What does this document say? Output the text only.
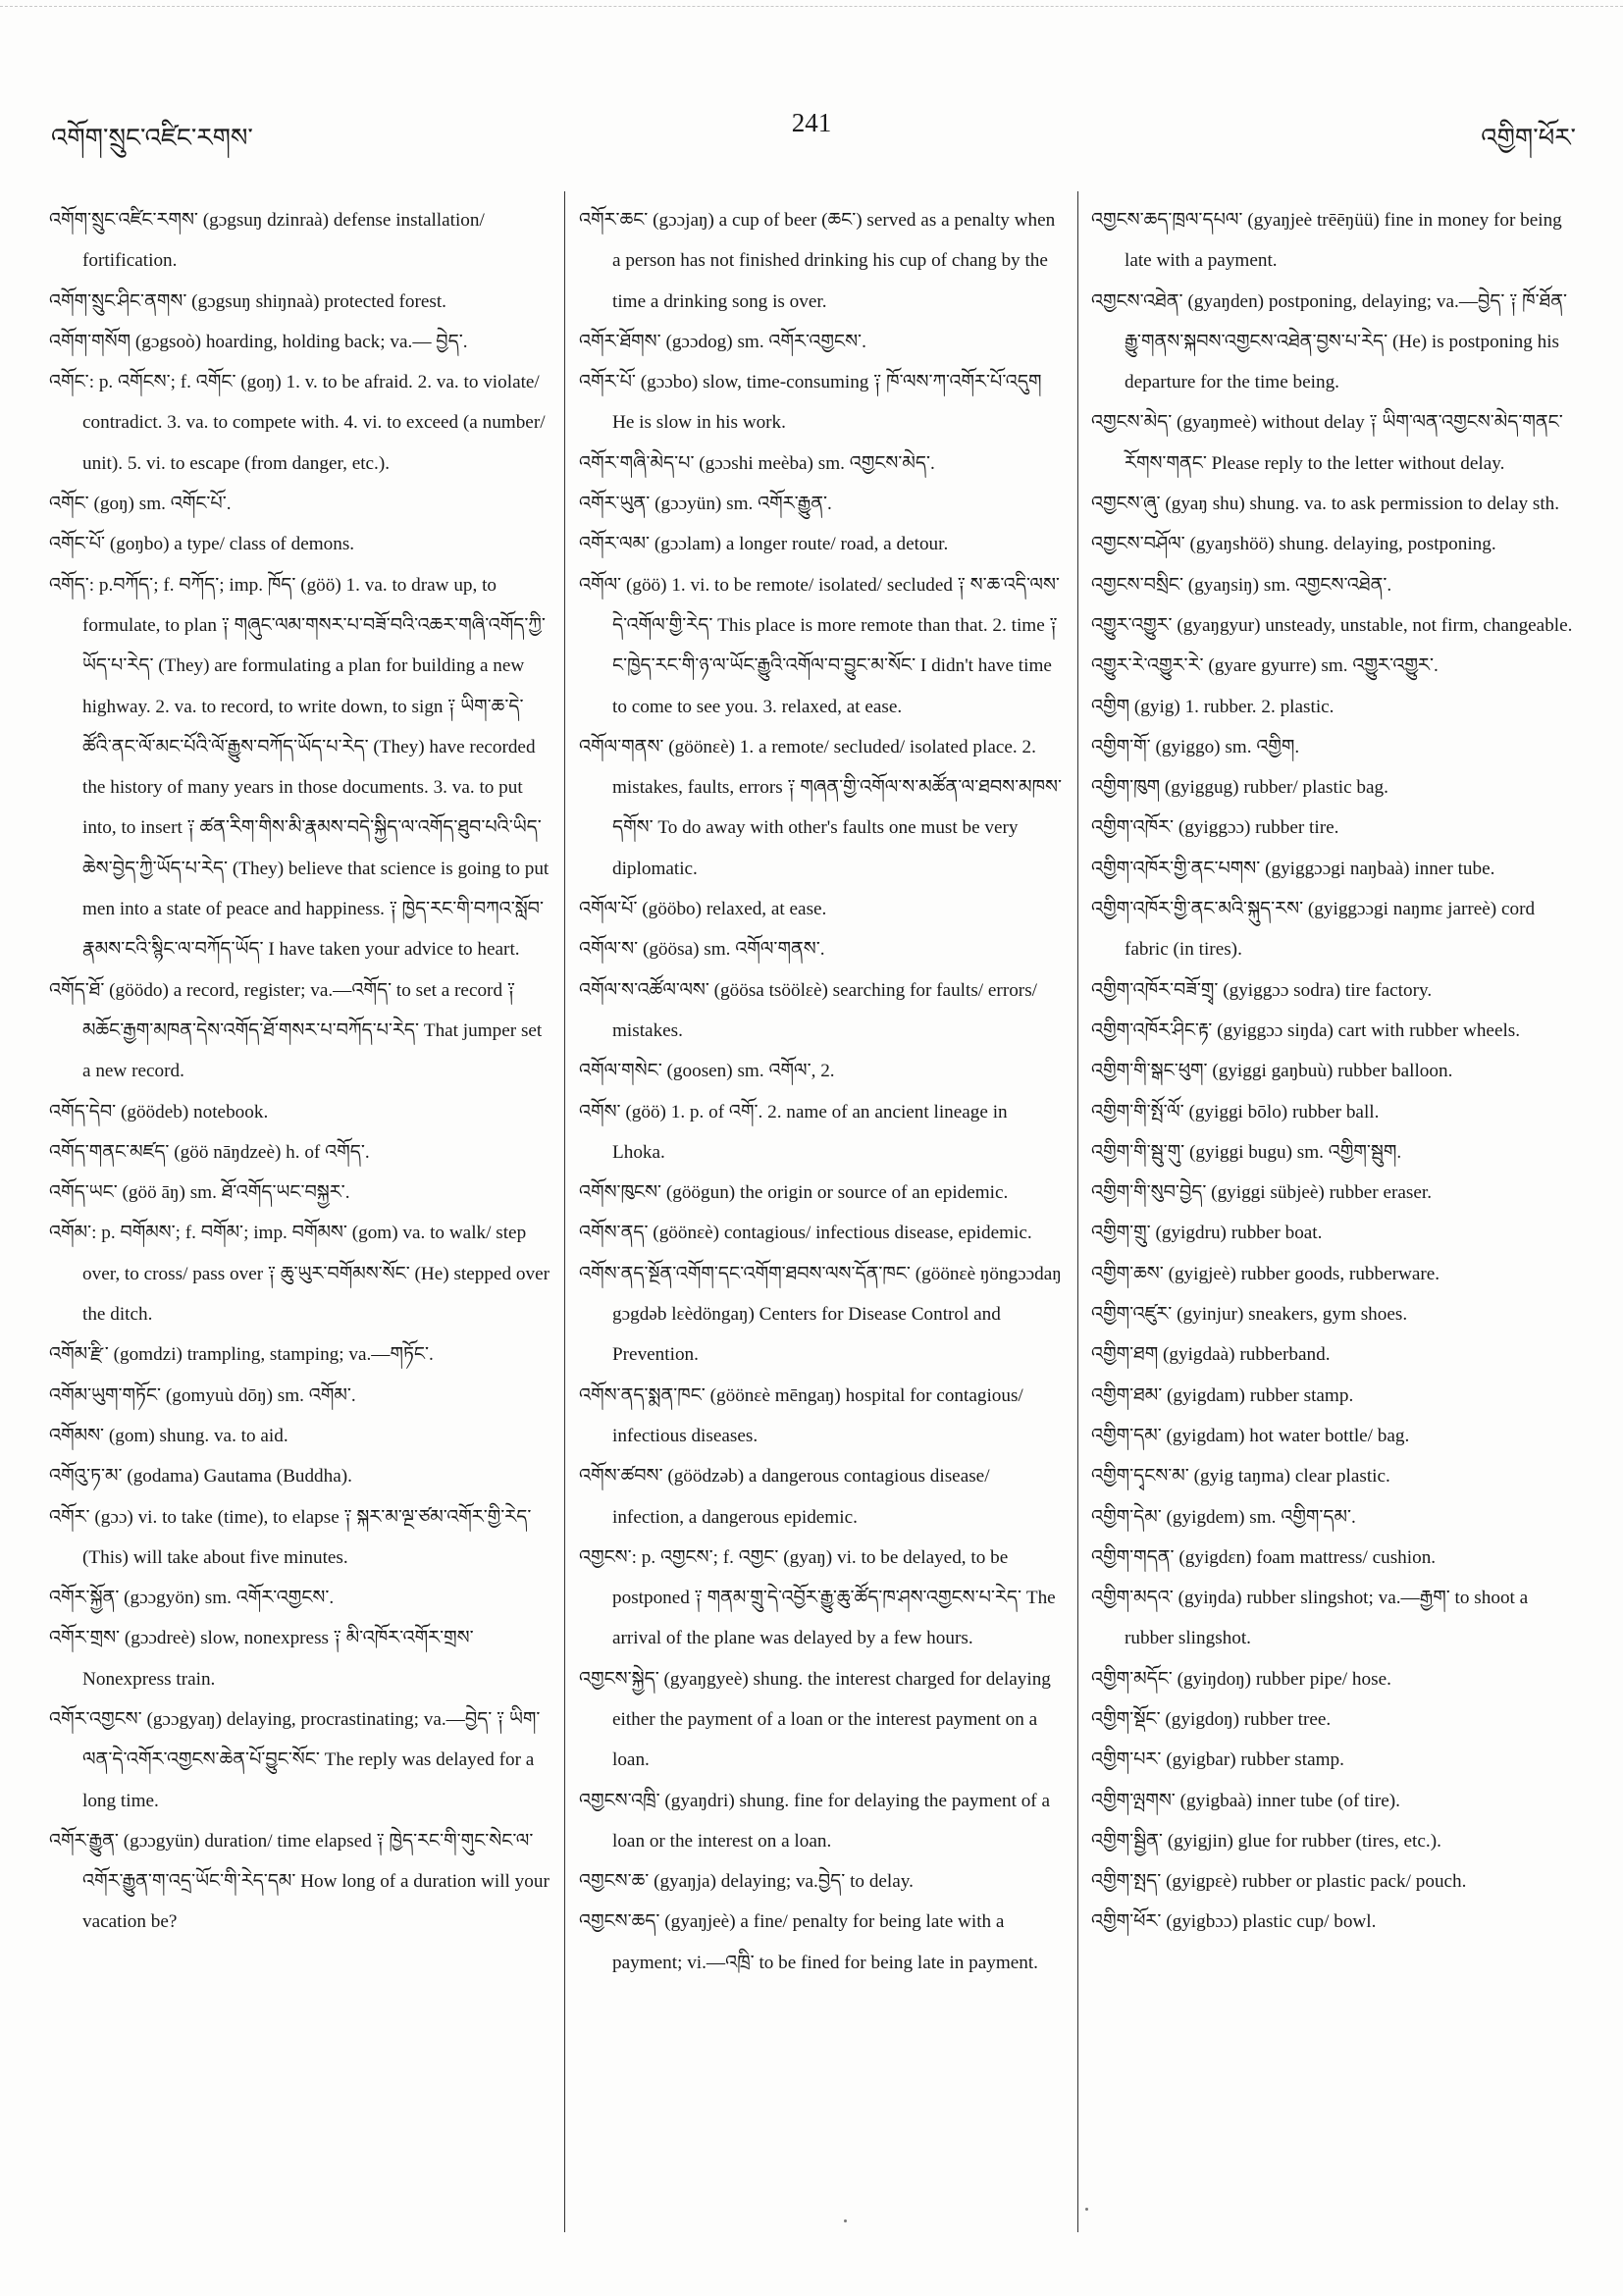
འགོག་སྲུང་འཛིང་རགས་
241
འགྱིག་ཕོར་

འགོག་སྲུང་འཛིང་རགས་ (gɔgsuŋ dzinraà) defense installation/ fortification.

འགོག་སྲུང་ཤིང་ནགས་ (gɔgsuŋ shiŋnaà) protected forest.

འགོག་གསོག (gɔgsoò) hoarding, holding back; va.— བྱེད་.

འགོང་: p. འགོངས་; f. འགོང་ (goŋ) 1. v. to be afraid. 2. va. to violate/ contradict. 3. va. to compete with. 4. vi. to exceed (a number/ unit). 5. vi. to escape (from danger, etc.).

འགོང་ (goŋ) sm. འགོང་པོ་.

འགོང་པོ་ (goŋbo) a type/ class of demons.

འགོད་: p.བཀོད་; f. བཀོད་; imp. ཁོད་ (göö) 1. va. to draw up, to formulate, to plan ༑ གཞུང་ལམ་གསར་པ་བཟོ་བའི་འཆར་གཞི་འགོད་ཀྱི་ཡོད་པ་རེད་ (They) are formulating a plan for building a new highway. 2. va. to record, to write down, to sign ༑ ཡིག་ཆ་དེ་ཚོའི་ནང་ལོ་མང་པོའི་ལོ་རྒྱུས་བཀོད་ཡོད་པ་རེད་ (They) have recorded the history of many years in those documents. 3. va. to put into, to insert ༑ ཚན་རིག་གིས་མི་རྣམས་བདེ་སྐྱིད་ལ་འགོད་ཐུབ་པའི་ཡིད་ཆེས་བྱེད་ཀྱི་ཡོད་པ་རེད་ (They) believe that science is going to put men into a state of peace and happiness. ༑ ཁྱེད་རང་གི་བཀའ་སློབ་རྣམས་ངའི་སྙིང་ལ་བཀོད་ཡོད་ I have taken your advice to heart.

འགོད་ཐོ་ (göödo) a record, register; va.—འགོད་ to set a record ༑ མཆོང་རྒྱག་མཁན་དེས་འགོད་ཐོ་གསར་པ་བཀོད་པ་རེད་ That jumper set a new record.

འགོད་དེབ་ (göödeb) notebook.

འགོད་གནང་མཛད་ (göö nāŋdzeè) h. of འགོད་.

འགོད་ཡང་ (göö āŋ) sm. ཐོ་འགོད་ཡང་བསྐྱར་.

འགོམ་: p. བགོམས་; f. བགོམ་; imp. བགོམས་ (gom) va. to walk/ step over, to cross/ pass over ༑ ཆུ་ཡུར་བགོམས་སོང་ (He) stepped over the ditch.

འགོམ་རྫི་ (gomdzi) trampling, stamping; va.—གཏོང་.

འགོམ་ཡུག་གཏོང་ (gomyuù dōŋ) sm. འགོམ་.

འགོམས་ (gom) shung. va. to aid.

འགོའུ་ཏ་མ་ (godama) Gautama (Buddha).

འགོར་ (gɔɔ) vi. to take (time), to elapse ༑ སྐར་མ་ལྔ་ཙམ་འགོར་གྱི་རེད་ (This) will take about five minutes.

འགོར་སྐྱོན་ (gɔɔgyön) sm. འགོར་འགྱངས་.

འགོར་གྲས་ (gɔɔdreè) slow, nonexpress ༑ མི་འཁོར་འགོར་གྲས་ Nonexpress train.

འགོར་འགྱངས་ (gɔɔgyaŋ) delaying, procrastinating; va.—བྱེད་ ༑ ཡིག་ལན་དེ་འགོར་འགྱངས་ཆེན་པོ་བྱུང་སོང་ The reply was delayed for a long time.

འགོར་རྒྱུན་ (gɔɔgyün) duration/ time elapsed ༑ ཁྱེད་རང་གི་གུང་སེང་ལ་འགོར་རྒྱུན་ག་འདྲ་ཡོང་གི་རེད་དམ་ How long of a duration will your vacation be?

འགོར་ཆང་ (gɔɔjaŋ) a cup of beer (ཆང་) served as a penalty when a person has not finished drinking his cup of chang by the time a drinking song is over.

འགོར་ཐོགས་ (gɔɔdog) sm. འགོར་འགྱངས་.

འགོར་པོ་ (gɔɔbo) slow, time-consuming ༑ ཁོ་ལས་ཀ་འགོར་པོ་འདུག He is slow in his work.

འགོར་གཞི་མེད་པ་ (gɔɔshi meèba) sm. འགྱངས་མེད་.

འགོར་ཡུན་ (gɔɔyün) sm. འགོར་རྒྱུན་.

འགོར་ལམ་ (gɔɔlam) a longer route/ road, a detour.

འགོལ་ (göö) 1. vi. to be remote/ isolated/ secluded ༑ ས་ཆ་འདི་ལས་དེ་འགོལ་གྱི་རེད་ This place is more remote than that. 2. time ༑ ང་ཁྱེད་རང་གི་ཉ་ལ་ཡོང་རྒྱུའི་འགོལ་བ་བྱུང་མ་སོང་ I didn't have time to come to see you. 3. relaxed, at ease.

འགོལ་གནས་ (göönεè) 1. a remote/ secluded/ isolated place. 2. mistakes, faults, errors ༑ གཞན་གྱི་འགོལ་ས་མཚོན་ལ་ཐབས་མཁས་དགོས་ To do away with other's faults one must be very diplomatic.

འགོལ་པོ་ (gööbo) relaxed, at ease.

འགོལ་ས་ (göösa) sm. འགོལ་གནས་.

འགོལ་ས་འཚོལ་ལས་ (göösa tsöölεè) searching for faults/ errors/ mistakes.

འགོལ་གསེང་ (goosen) sm. འགོལ་, 2.

འགོས་ (göö) 1. p. of འགོ་. 2. name of an ancient lineage in Lhoka.

འགོས་ཁུངས་ (göögun) the origin or source of an epidemic.

འགོས་ནད་ (göönεè) contagious/ infectious disease, epidemic.

འགོས་ནད་སྔོན་འགོག་དང་འགོག་ཐབས་ལས་དོན་ཁང་ (göönεè ŋöngɔɔdaŋ gɔgdəb lεèdöngaŋ) Centers for Disease Control and Prevention.

འགོས་ནད་སྨན་ཁང་ (göönεè mēngaŋ) hospital for contagious/ infectious diseases.

འགོས་ཚབས་ (göödzəb) a dangerous contagious disease/ infection, a dangerous epidemic.

འགྱངས་: p. འགྱངས་; f. འགྱང་ (gyaŋ) vi. to be delayed, to be postponed ༑ གནམ་གྲུ་དེ་འབྱོར་རྒྱུ་ཆུ་ཚོད་ཁ་ཤས་འགྱངས་པ་རེད་ The arrival of the plane was delayed by a few hours.

འགྱངས་སྐྱེད་ (gyaŋgyeè) shung. the interest charged for delaying either the payment of a loan or the interest payment on a loan.

འགྱངས་འཁྲི་ (gyaŋdri) shung. fine for delaying the payment of a loan or the interest on a loan.

འགྱངས་ཆ་ (gyaŋja) delaying; va.བྱེད་ to delay.

འགྱངས་ཆད་ (gyaŋjeè) a fine/ penalty for being late with a payment; vi.—འཁྲི་ to be fined for being late in payment.

འགྱངས་ཆད་ཁྲལ་དཔལ་ (gyaŋjeè trēēŋüü) fine in money for being late with a payment.

འགྱངས་འཐེན་ (gyaŋden) postponing, delaying; va.—བྱེད་ ༑ ཁོ་ཐོན་རྒྱུ་གནས་སྐབས་འགྱངས་འཐེན་བྱས་པ་རེད་ (He) is postponing his departure for the time being.

འགྱངས་མེད་ (gyaŋmeè) without delay ༑ ཡིག་ལན་འགྱངས་མེད་གནང་རོགས་གནང་ Please reply to the letter without delay.

འགྱངས་ཞུ་ (gyaŋ shu) shung. va. to ask permission to delay sth.

འགྱངས་བཤོལ་ (gyaŋshöö) shung. delaying, postponing.

འགྱངས་བསྲིང་ (gyaŋsiŋ) sm. འགྱངས་འཐེན་.

འགྱུར་འགྱུར་ (gyaŋgyur) unsteady, unstable, not firm, changeable.

འགྱུར་རེ་འགྱུར་རེ་ (gyare gyurre) sm. འགྱུར་འགྱུར་.

འགྱིག (gyig) 1. rubber. 2. plastic.

འགྱིག་གོ་ (gyiggo) sm. འགྱིག.

འགྱིག་ཁུག (gyiggug) rubber/ plastic bag.

འགྱིག་འཁོར་ (gyiggɔɔ) rubber tire.

འགྱིག་འཁོར་གྱི་ནང་པགས་ (gyiggɔɔgi naŋbaà) inner tube.

འགྱིག་འཁོར་གྱི་ནང་མའི་སྐུད་རས་ (gyiggɔɔgi naŋmε jarreè) cord fabric (in tires).

འགྱིག་འཁོར་བཟོ་གྲྭ་ (gyiggɔɔ sodra) tire factory.

འགྱིག་འཁོར་ཤིང་རྟ་ (gyiggɔɔ siŋda) cart with rubber wheels.

འགྱིག་གི་སྒང་ཕུག་ (gyiggi gaŋbuù) rubber balloon.

འགྱིག་གི་སྤོ་ལོ་ (gyiggi bōlo) rubber ball.

འགྱིག་གི་སྦུ་གུ་ (gyiggi bugu) sm. འགྱིག་སྦུག.

འགྱིག་གི་སུབ་བྱེད་ (gyiggi sübjeè) rubber eraser.

འགྱིག་གྲུ་ (gyigdru) rubber boat.

འགྱིག་ཆས་ (gyigjeè) rubber goods, rubberware.

འགྱིག་འཛུར་ (gyinjur) sneakers, gym shoes.

འགྱིག་ཐག (gyigdaà) rubberband.

འགྱིག་ཐམ་ (gyigdam) rubber stamp.

འགྱིག་དམ་ (gyigdam) hot water bottle/ bag.

འགྱིག་དྭངས་མ་ (gyig taŋma) clear plastic.

འགྱིག་དེམ་ (gyigdem) sm. འགྱིག་དམ་.

འགྱིག་གདན་ (gyigdεn) foam mattress/ cushion.

འགྱིག་མདའ་ (gyiŋda) rubber slingshot; va.—རྒྱག་ to shoot a rubber slingshot.

འགྱིག་མདོང་ (gyiŋdoŋ) rubber pipe/ hose.

འགྱིག་སྡོང་ (gyigdoŋ) rubber tree.

འགྱིག་པར་ (gyigbar) rubber stamp.

འགྱིག་ལྤགས་ (gyigbaà) inner tube (of tire).

འགྱིག་སྦྱིན་ (gyigjin) glue for rubber (tires, etc.).

འགྱིག་སྤད་ (gyigpεè) rubber or plastic pack/ pouch.

འགྱིག་ཕོར་ (gyigbɔɔ) plastic cup/ bowl.
